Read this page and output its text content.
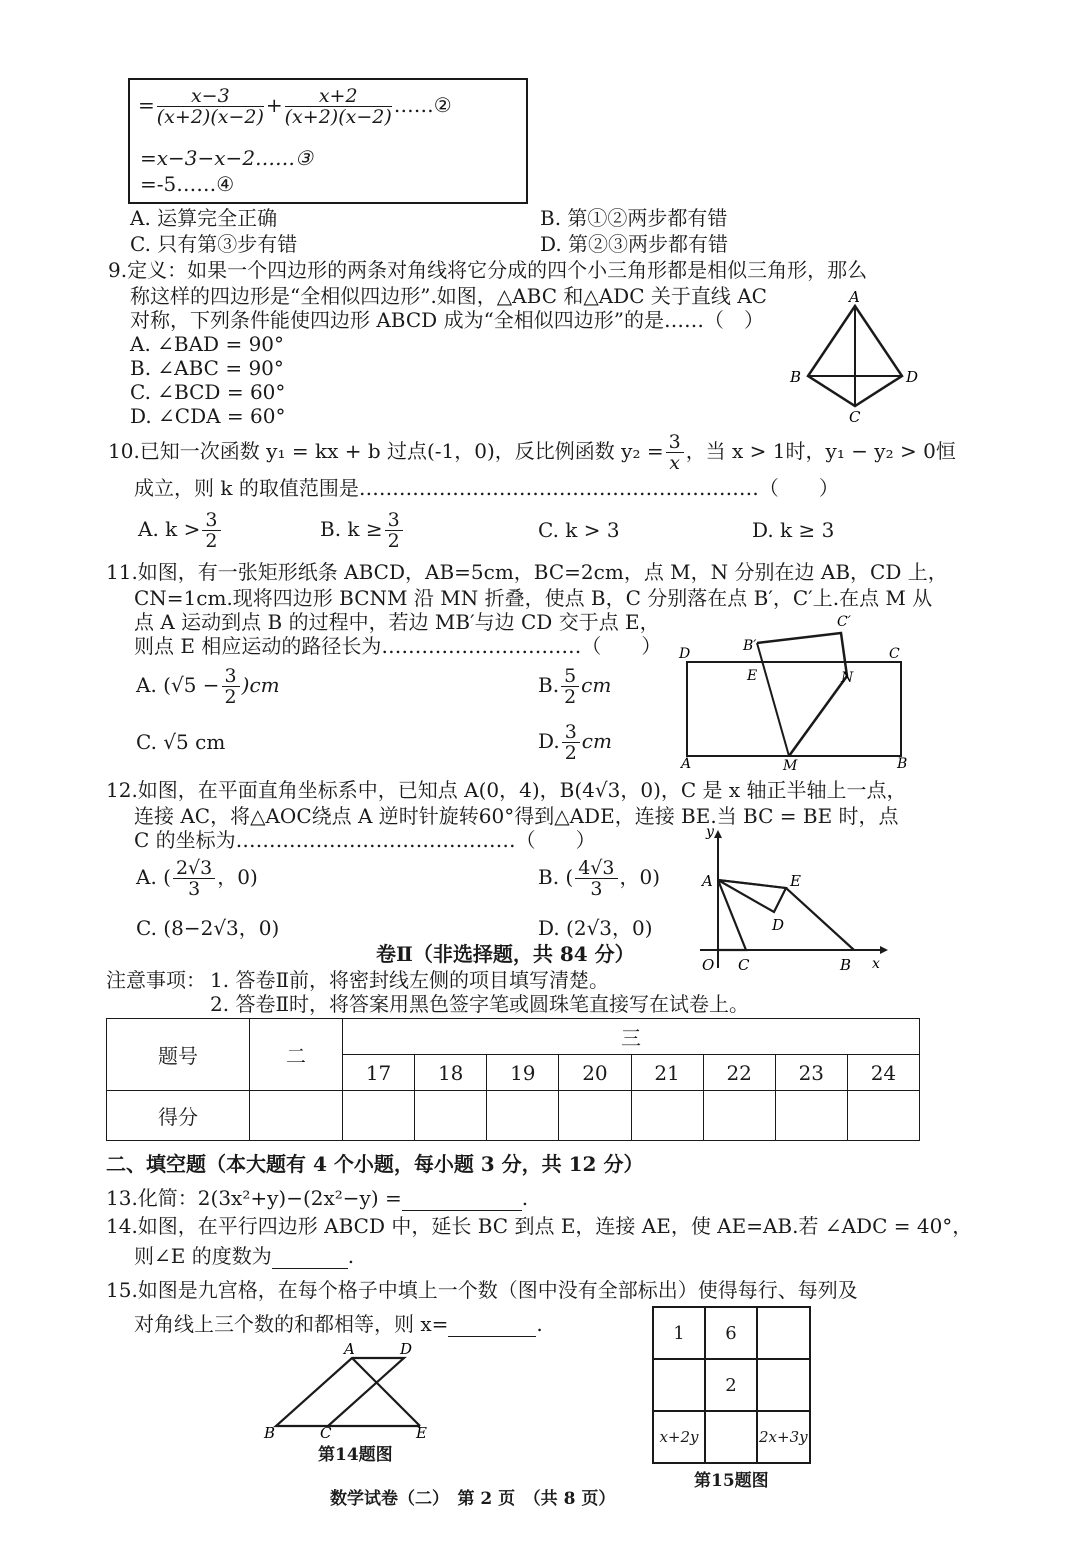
= $\frac{x-3}{(x+2)(x-2)} + \frac{x+2}{(x+2)(x-2)}$ ……②
=x−3−x−2……③
=-5……④
A. 运算完全正确	B. 第①②两步都有错
C. 只有第③步有错	D. 第②③两步都有错
9.定义：如果一个四边形的两条对角线将它分成的四个小三角形都是相似三角形，那么
称这样的四边形是“全相似四边形”.如图，△ABC 和△ADC 关于直线 AC
对称，下列条件能使四边形 ABCD 成为“全相似四边形”的是……（　）
A. ∠BAD = 90°
B. ∠ABC = 90°
C. ∠BCD = 60°
D. ∠CDA = 60°
A
B	D
C
10.已知一次函数 y₁ = kx + b 过点(-1，0)，反比例函数 $y_2 = \frac{3}{x}$ ，当 x > 1时，y₁ − y₂ > 0恒
成立，则 k 的取值范围是……………………………………………………（　　）
A. $k > \frac{3}{2}$	B. $k \ge \frac{3}{2}$	C. k > 3	D. k ≥ 3
11.如图，有一张矩形纸条 ABCD，AB=5cm，BC=2cm，点 M，N 分别在边 AB，CD 上，
CN=1cm.现将四边形 BCNM 沿 MN 折叠，使点 B，C 分别落在点 B′，C′上.在点 M 从
点 A 运动到点 B 的过程中，若边 MB′与边 CD 交于点 E，
则点 E 相应运动的路径长为…………………………（　　）
A. $(√5 - \frac{3}{2} )cm$	B. $\frac{5}{2}$ cm
C. √5 cm	D. $\frac{3}{2}$ cm
D	C
A	B
B′
C′
E	N
M
12.如图，在平面直角坐标系中，已知点 A(0，4)，B(4√3，0)，C 是 x 轴正半轴上一点，
连接 AC，将△AOC绕点 A 逆时针旋转60°得到△ADE，连接 BE.当 BC = BE 时，点
C 的坐标为……………………………………（　　）
A. ( $\frac{2√3}{3}$ ，0)	B. ( $\frac{4√3}{3}$ ，0)
C. (8−2√3，0)	D. (2√3，0)
y
x
A	E
D
O C	B
卷Ⅱ（非选择题，共 84 分）
注意事项： 1. 答卷Ⅱ前，将密封线左侧的项目填写清楚。
2. 答卷Ⅱ时，将答案用黑色签字笔或圆珠笔直接写在试卷上。
题号	二	三							
		17	18	19	20	21	22	23	24
得分									
二、填空题（本大题有 4 个小题，每小题 3 分，共 12 分）
13.化简：2(3x²+y)−(2x²−y) =	.
14.如图，在平行四边形 ABCD 中，延长 BC 到点 E，连接 AE，使 AE=AB.若 ∠ADC = 40°，
则∠E 的度数为	.
15.如图是九宫格，在每个格子中填上一个数（图中没有全部标出）使得每行、每列及
对角线上三个数的和都相等，则 x=	.
A	D
B	C	E
第14题图
1	6	
	2	
x+2y		2x+3y
第15题图
数学试卷（二）　第 2 页　（共 8 页）
